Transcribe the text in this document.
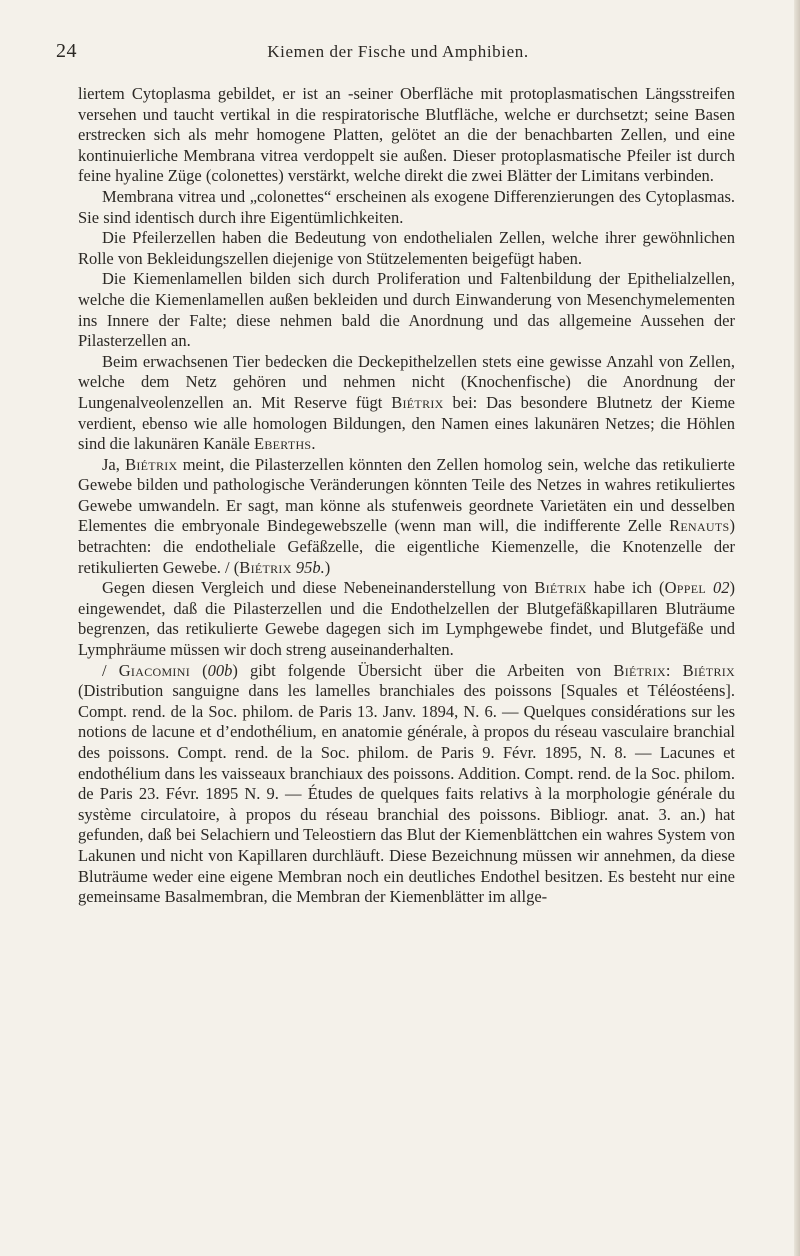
24	Kiemen der Fische und Amphibien.

liertem Cytoplasma gebildet, er ist an -seiner Oberfläche mit protoplasmatischen Längsstreifen versehen und taucht vertikal in die respiratorische Blutfläche, welche er durchsetzt; seine Basen erstrecken sich als mehr homogene Platten, gelötet an die der benachbarten Zellen, und eine kontinuierliche Membrana vitrea verdoppelt sie außen. Dieser protoplasmatische Pfeiler ist durch feine hyaline Züge (colonettes) verstärkt, welche direkt die zwei Blätter der Limitans verbinden.

Membrana vitrea und „colonettes“ erscheinen als exogene Differenzierungen des Cytoplasmas. Sie sind identisch durch ihre Eigentümlichkeiten.

Die Pfeilerzellen haben die Bedeutung von endothelialen Zellen, welche ihrer gewöhnlichen Rolle von Bekleidungszellen diejenige von Stützelementen beigefügt haben.

Die Kiemenlamellen bilden sich durch Proliferation und Faltenbildung der Epithelialzellen, welche die Kiemenlamellen außen bekleiden und durch Einwanderung von Mesenchymelementen ins Innere der Falte; diese nehmen bald die Anordnung und das allgemeine Aussehen der Pilasterzellen an.

Beim erwachsenen Tier bedecken die Deckepithelzellen stets eine gewisse Anzahl von Zellen, welche dem Netz gehören und nehmen nicht (Knochenfische) die Anordnung der Lungenalveolenzellen an. Mit Reserve fügt Biétrix bei: Das besondere Blutnetz der Kieme verdient, ebenso wie alle homologen Bildungen, den Namen eines lakunären Netzes; die Höhlen sind die lakunären Kanäle Eberths.

Ja, Biétrix meint, die Pilasterzellen könnten den Zellen homolog sein, welche das retikulierte Gewebe bilden und pathologische Veränderungen könnten Teile des Netzes in wahres retikuliertes Gewebe umwandeln. Er sagt, man könne als stufenweis geordnete Varietäten ein und desselben Elementes die embryonale Bindegewebszelle (wenn man will, die indifferente Zelle Renauts) betrachten: die endotheliale Gefäßzelle, die eigentliche Kiemenzelle, die Knotenzelle der retikulierten Gewebe. / (Biétrix 95b.)

Gegen diesen Vergleich und diese Nebeneinanderstellung von Biétrix habe ich (Oppel 02) eingewendet, daß die Pilasterzellen und die Endothelzellen der Blutgefäßkapillaren Bluträume begrenzen, das retikulierte Gewebe dagegen sich im Lymphgewebe findet, und Blutgefäße und Lymphräume müssen wir doch streng auseinanderhalten.

/ Giacomini (00b) gibt folgende Übersicht über die Arbeiten von Biétrix: Biétrix (Distribution sanguigne dans les lamelles branchiales des poissons [Squales et Téléostéens]. Compt. rend. de la Soc. philom. de Paris 13. Janv. 1894, N. 6. — Quelques considérations sur les notions de lacune et d’endothélium, en anatomie générale, à propos du réseau vasculaire branchial des poissons. Compt. rend. de la Soc. philom. de Paris 9. Févr. 1895, N. 8. — Lacunes et endothélium dans les vaisseaux branchiaux des poissons. Addition. Compt. rend. de la Soc. philom. de Paris 23. Févr. 1895 N. 9. — Études de quelques faits relativs à la morphologie générale du système circulatoire, à propos du réseau branchial des poissons. Bibliogr. anat. 3. an.) hat gefunden, daß bei Selachiern und Teleostiern das Blut der Kiemenblättchen ein wahres System von Lakunen und nicht von Kapillaren durchläuft. Diese Bezeichnung müssen wir annehmen, da diese Bluträume weder eine eigene Membran noch ein deutliches Endothel besitzen. Es besteht nur eine gemeinsame Basalmembran, die Membran der Kiemenblätter im allge-
